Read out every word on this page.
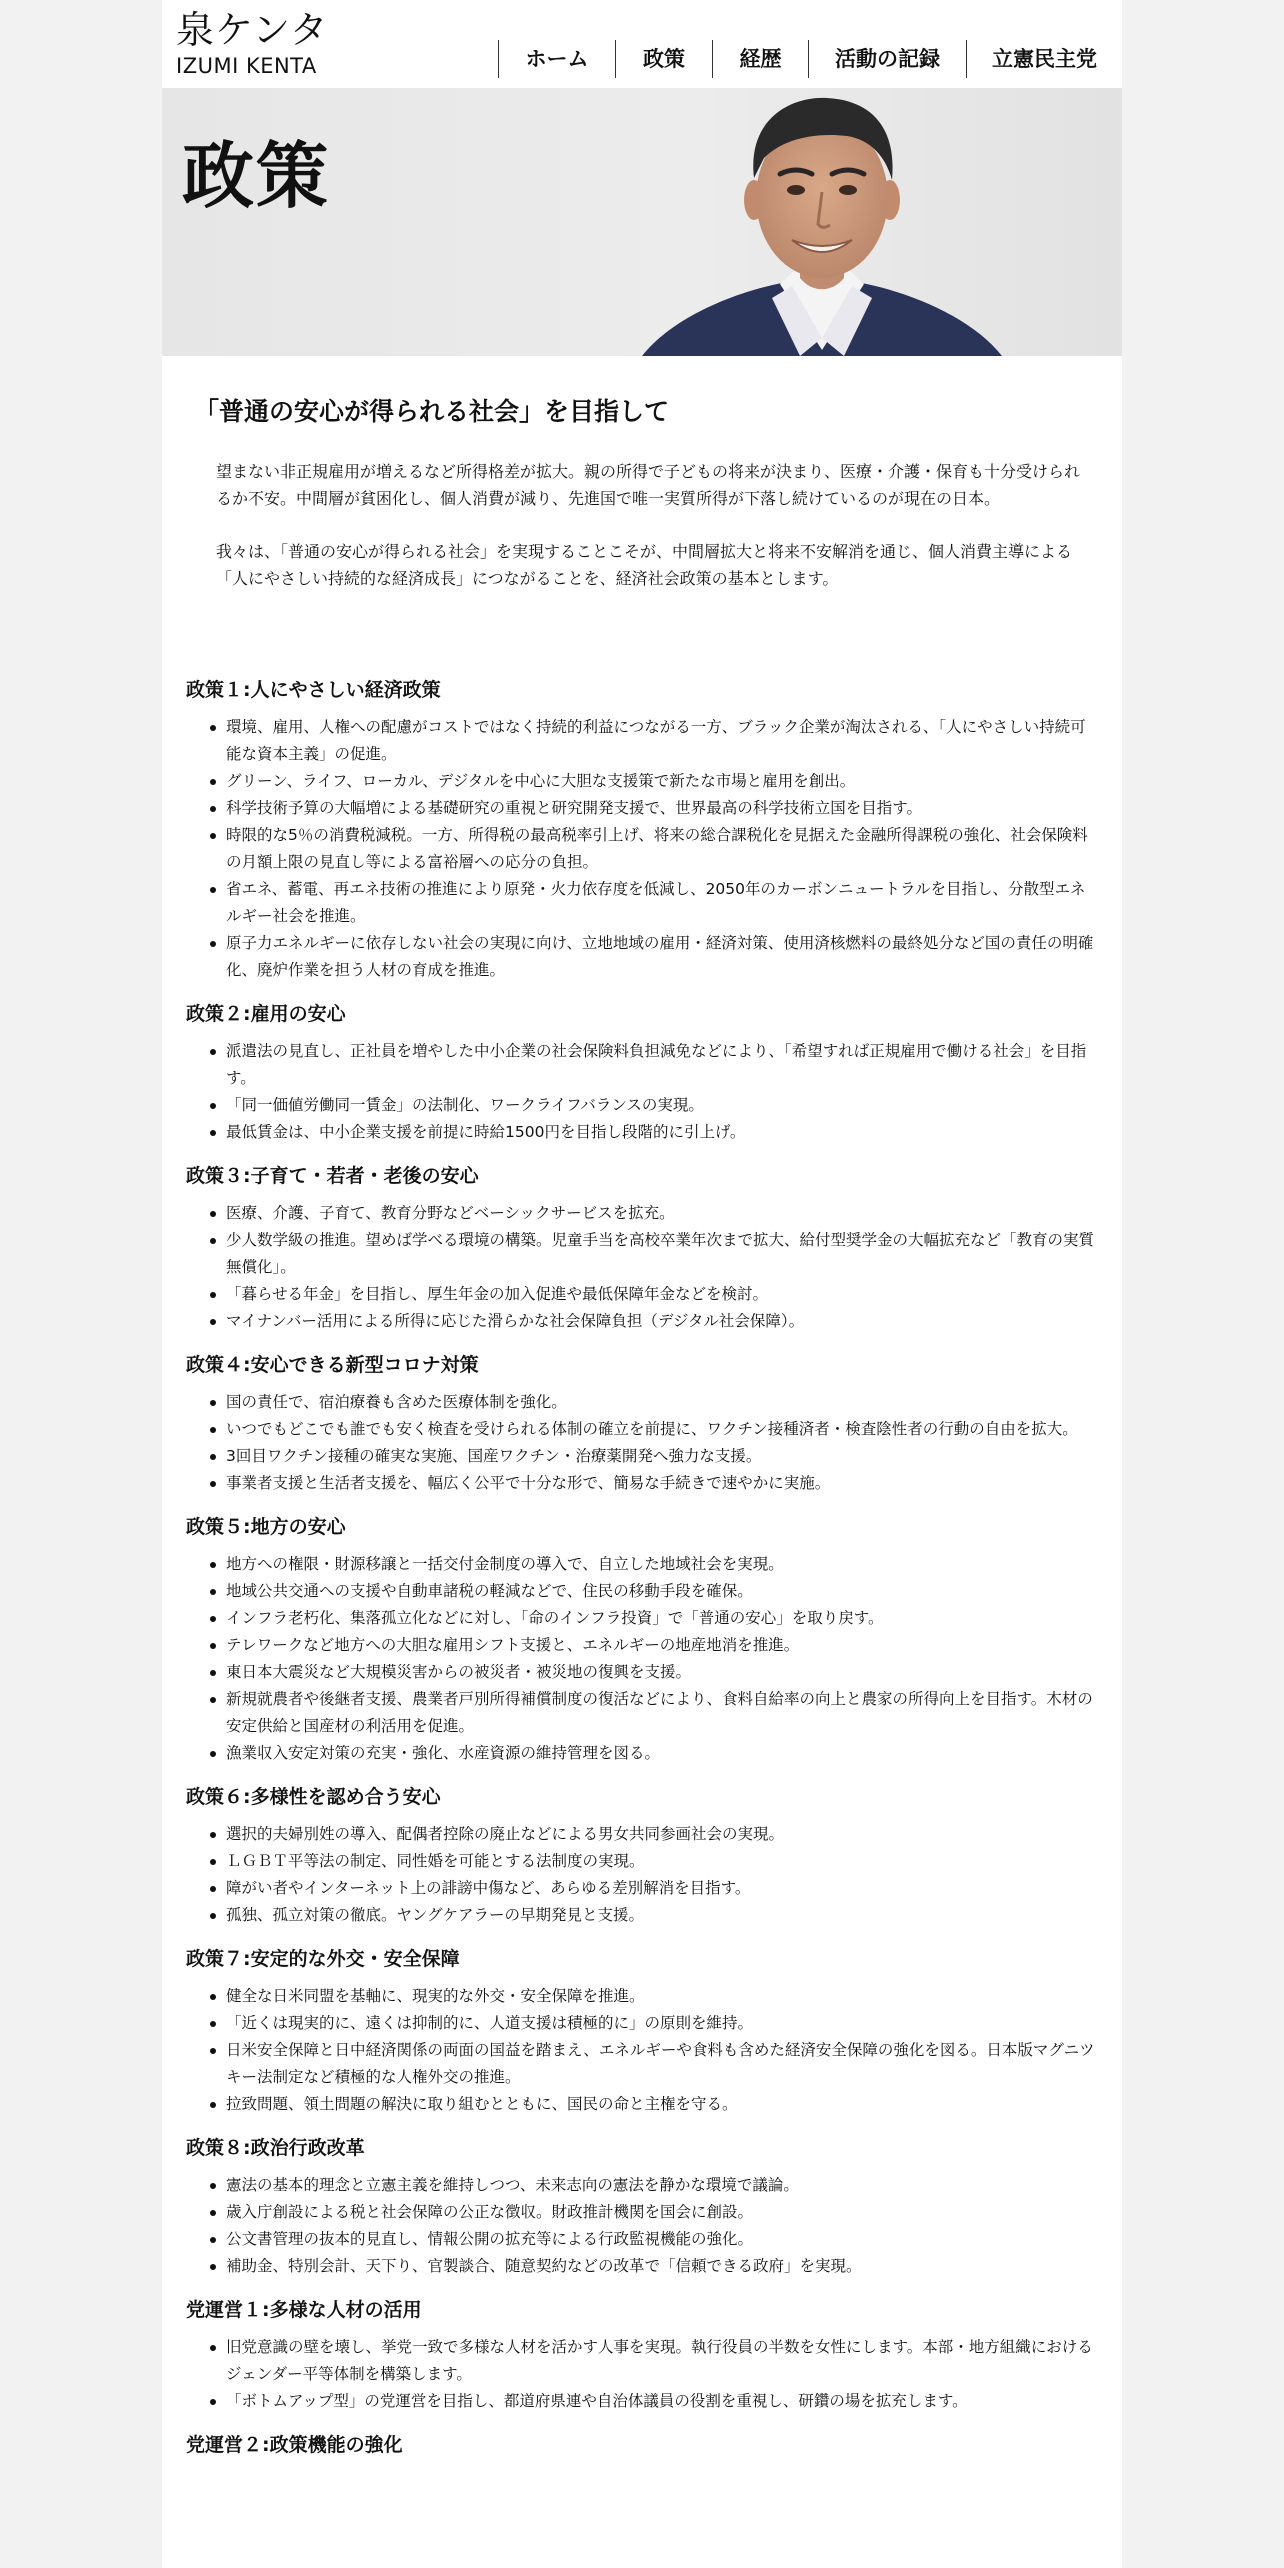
泉ケンタ
IZUMI KENTA	ホーム	政策	経歴	活動の記録	立憲民主党
政策
「普通の安心が得られる社会」を目指して

望まない非正規雇用が増えるなど所得格差が拡大。親の所得で子どもの将来が決まり、医療・介護・保育も十分受けられるか不安。中間層が貧困化し、個人消費が減り、先進国で唯一実質所得が下落し続けているのが現在の日本。

我々は、「普通の安心が得られる社会」を実現することこそが、中間層拡大と将来不安解消を通じ、個人消費主導による「人にやさしい持続的な経済成長」につながることを、経済社会政策の基本とします。

政策１:人にやさしい経済政策
環境、雇用、人権への配慮がコストではなく持続的利益につながる一方、ブラック企業が淘汰される、「人にやさしい持続可能な資本主義」の促進。
グリーン、ライフ、ローカル、デジタルを中心に大胆な支援策で新たな市場と雇用を創出。
科学技術予算の大幅増による基礎研究の重視と研究開発支援で、世界最高の科学技術立国を目指す。
時限的な5％の消費税減税。一方、所得税の最高税率引上げ、将来の総合課税化を見据えた金融所得課税の強化、社会保険料の月額上限の見直し等による富裕層への応分の負担。
省エネ、蓄電、再エネ技術の推進により原発・火力依存度を低減し、2050年のカーボンニュートラルを目指し、分散型エネルギー社会を推進。
原子力エネルギーに依存しない社会の実現に向け、立地地域の雇用・経済対策、使用済核燃料の最終処分など国の責任の明確化、廃炉作業を担う人材の育成を推進。
政策２:雇用の安心
派遣法の見直し、正社員を増やした中小企業の社会保険料負担減免などにより、「希望すれば正規雇用で働ける社会」を目指す。
「同一価値労働同一賃金」の法制化、ワークライフバランスの実現。
最低賃金は、中小企業支援を前提に時給1500円を目指し段階的に引上げ。
政策３:子育て・若者・老後の安心
医療、介護、子育て、教育分野などベーシックサービスを拡充。
少人数学級の推進。望めば学べる環境の構築。児童手当を高校卒業年次まで拡大、給付型奨学金の大幅拡充など「教育の実質無償化」。
「暮らせる年金」を目指し、厚生年金の加入促進や最低保障年金などを検討。
マイナンバー活用による所得に応じた滑らかな社会保障負担（デジタル社会保障）。
政策４:安心できる新型コロナ対策
国の責任で、宿泊療養も含めた医療体制を強化。
いつでもどこでも誰でも安く検査を受けられる体制の確立を前提に、ワクチン接種済者・検査陰性者の行動の自由を拡大。
3回目ワクチン接種の確実な実施、国産ワクチン・治療薬開発へ強力な支援。
事業者支援と生活者支援を、幅広く公平で十分な形で、簡易な手続きで速やかに実施。
政策５:地方の安心
地方への権限・財源移譲と一括交付金制度の導入で、自立した地域社会を実現。
地域公共交通への支援や自動車諸税の軽減などで、住民の移動手段を確保。
インフラ老朽化、集落孤立化などに対し、「命のインフラ投資」で「普通の安心」を取り戻す。
テレワークなど地方への大胆な雇用シフト支援と、エネルギーの地産地消を推進。
東日本大震災など大規模災害からの被災者・被災地の復興を支援。
新規就農者や後継者支援、農業者戸別所得補償制度の復活などにより、食料自給率の向上と農家の所得向上を目指す。木材の安定供給と国産材の利活用を促進。
漁業収入安定対策の充実・強化、水産資源の維持管理を図る。
政策６:多様性を認め合う安心
選択的夫婦別姓の導入、配偶者控除の廃止などによる男女共同参画社会の実現。
ＬＧＢＴ平等法の制定、同性婚を可能とする法制度の実現。
障がい者やインターネット上の誹謗中傷など、あらゆる差別解消を目指す。
孤独、孤立対策の徹底。ヤングケアラーの早期発見と支援。
政策７:安定的な外交・安全保障
健全な日米同盟を基軸に、現実的な外交・安全保障を推進。
「近くは現実的に、遠くは抑制的に、人道支援は積極的に」の原則を維持。
日米安全保障と日中経済関係の両面の国益を踏まえ、エネルギーや食料も含めた経済安全保障の強化を図る。日本版マグニツキー法制定など積極的な人権外交の推進。
拉致問題、領土問題の解決に取り組むとともに、国民の命と主権を守る。
政策８:政治行政改革
憲法の基本的理念と立憲主義を維持しつつ、未来志向の憲法を静かな環境で議論。
歳入庁創設による税と社会保障の公正な徴収。財政推計機関を国会に創設。
公文書管理の抜本的見直し、情報公開の拡充等による行政監視機能の強化。
補助金、特別会計、天下り、官製談合、随意契約などの改革で「信頼できる政府」を実現。
党運営１:多様な人材の活用
旧党意識の壁を壊し、挙党一致で多様な人材を活かす人事を実現。執行役員の半数を女性にします。本部・地方組織におけるジェンダー平等体制を構築します。
「ボトムアップ型」の党運営を目指し、都道府県連や自治体議員の役割を重視し、研鑽の場を拡充します。
党運営２:政策機能の強化
